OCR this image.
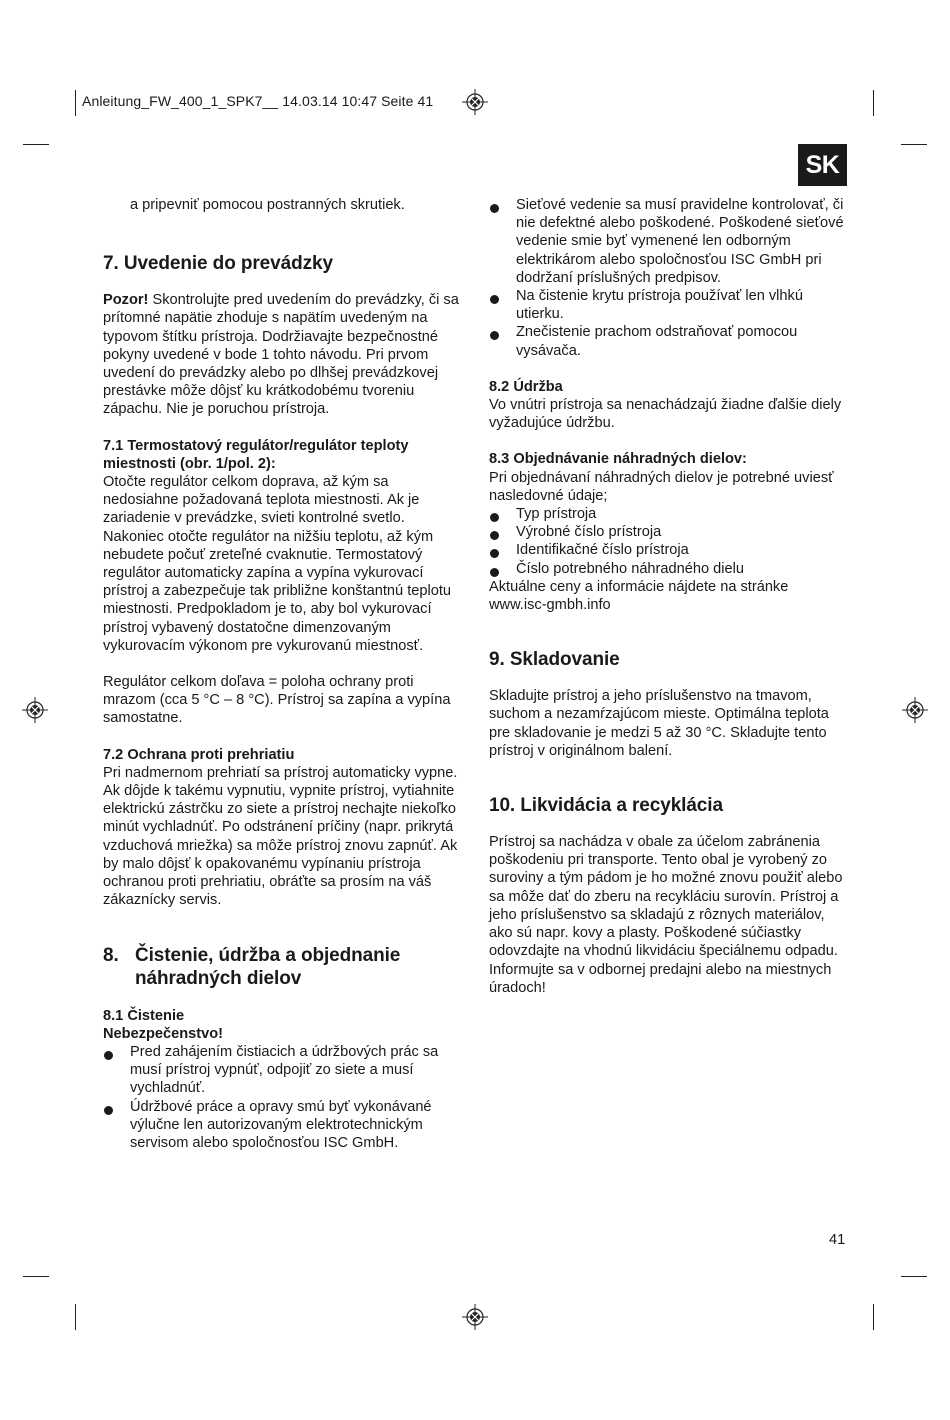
Anleitung_FW_400_1_SPK7__ 14.03.14 10:47 Seite 41
SK

a pripevniť pomocou postranných skrutiek.

7. Uvedenie do prevádzky

Pozor! Skontrolujte pred uvedením do prevádzky, či sa prítomné napätie zhoduje s napätím uvedeným na typovom štítku prístroja. Dodržiavajte bezpečnostné pokyny uvedené v bode 1 tohto návodu. Pri prvom uvedení do prevádzky alebo po dlhšej prevádzkovej prestávke môže dôjsť ku krátkodobému tvoreniu zápachu. Nie je poruchou prístroja.

7.1 Termostatový regulátor/regulátor teploty miestnosti (obr. 1/pol. 2):

Otočte regulátor celkom doprava, až kým sa nedosiahne požadovaná teplota miestnosti. Ak je zariadenie v prevádzke, svieti kontrolné svetlo. Nakoniec otočte regulátor na nižšiu teplotu, až kým nebudete počuť zreteľné cvaknutie. Termostatový regulátor automaticky zapína a vypína vykurovací prístroj a zabezpečuje tak približne konštantnú teplotu miestnosti. Predpokladom je to, aby bol vykurovací prístroj vybavený dostatočne dimenzovaným vykurovacím výkonom pre vykurovanú miestnosť.

Regulátor celkom doľava = poloha ochrany proti mrazom (cca 5 °C – 8 °C). Prístroj sa zapína a vypína samostatne.

7.2 Ochrana proti prehriatiu

Pri nadmernom prehriatí sa prístroj automaticky vypne. Ak dôjde k takému vypnutiu, vypnite prístroj, vytiahnite elektrickú zástrčku zo siete a prístroj nechajte niekoľko minút vychladnúť. Po odstránení príčiny (napr. prikrytá vzduchová mriežka) sa môže prístroj znovu zapnúť. Ak by malo dôjsť k opakovanému vypínaniu prístroja ochranou proti prehriatiu, obráťte sa prosím na váš zákaznícky servis.

8. Čistenie, údržba a objednanie náhradných dielov
8.1 Čistenie
Nebezpečenstvo!
Pred zahájením čistiacich a údržbových prác sa musí prístroj vypnúť, odpojiť zo siete a musí vychladnúť.
Údržbové práce a opravy smú byť vykonávané výlučne len autorizovaným elektrotechnickým servisom alebo spoločnosťou ISC GmbH.
Sieťové vedenie sa musí pravidelne kontrolovať, či nie defektné alebo poškodené. Poškodené sieťové vedenie smie byť vymenené len odborným elektrikárom alebo spoločnosťou ISC GmbH pri dodržaní príslušných predpisov.
Na čistenie krytu prístroja používať len vlhkú utierku.
Znečistenie prachom odstraňovať pomocou vysávača.
8.2 Údržba

Vo vnútri prístroja sa nenachádzajú žiadne ďalšie diely vyžadujúce údržbu.

8.3 Objednávanie náhradných dielov:

Pri objednávaní náhradných dielov je potrebné uviesť nasledovné údaje;

Typ prístroja
Výrobné číslo prístroja
Identifikačné číslo prístroja
Číslo potrebného náhradného dielu

Aktuálne ceny a informácie nájdete na stránke www.isc-gmbh.info

9. Skladovanie

Skladujte prístroj a jeho príslušenstvo na tmavom, suchom a nezamŕzajúcom mieste. Optimálna teplota pre skladovanie je medzi 5 až 30 °C. Skladujte tento prístroj v originálnom balení.

10. Likvidácia a recyklácia

Prístroj sa nachádza v obale za účelom zabránenia poškodeniu pri transporte. Tento obal je vyrobený zo suroviny a tým pádom je ho možné znovu použiť alebo sa môže dať do zberu na recykláciu surovín. Prístroj a jeho príslušenstvo sa skladajú z rôznych materiálov, ako sú napr. kovy a plasty. Poškodené súčiastky odovzdajte na vhodnú likvidáciu špeciálnemu odpadu. Informujte sa v odbornej predajni alebo na miestnych úradoch!

41
